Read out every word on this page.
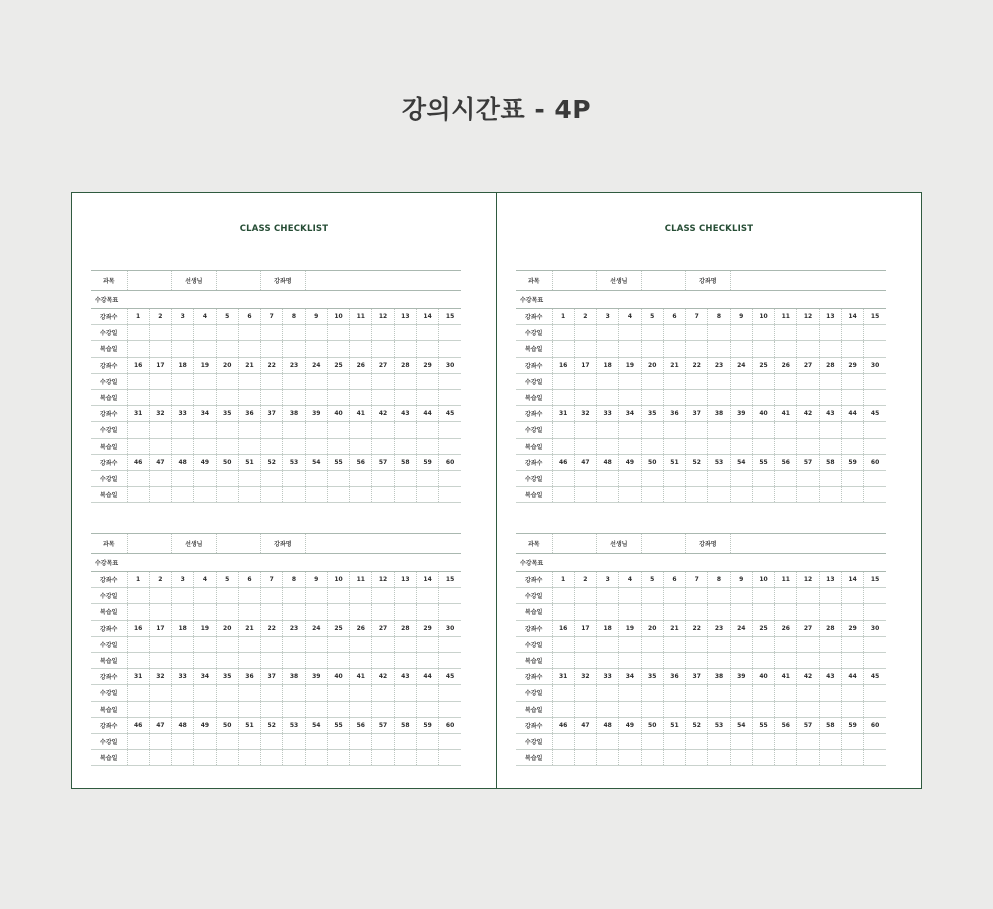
강의시간표 - 4P
CLASS CHECKLIST
과목			선생님				강좌명								
수강목표															
강좌수	1	2	3	4	5	6	7	8	9	10	11	12	13	14	15
수강일															
복습일															
강좌수	16	17	18	19	20	21	22	23	24	25	26	27	28	29	30
수강일															
복습일															
강좌수	31	32	33	34	35	36	37	38	39	40	41	42	43	44	45
수강일															
복습일															
강좌수	46	47	48	49	50	51	52	53	54	55	56	57	58	59	60
수강일															
복습일															
과목			선생님				강좌명								
수강목표															
강좌수	1	2	3	4	5	6	7	8	9	10	11	12	13	14	15
수강일															
복습일															
강좌수	16	17	18	19	20	21	22	23	24	25	26	27	28	29	30
수강일															
복습일															
강좌수	31	32	33	34	35	36	37	38	39	40	41	42	43	44	45
수강일															
복습일															
강좌수	46	47	48	49	50	51	52	53	54	55	56	57	58	59	60
수강일															
복습일															
CLASS CHECKLIST
과목			선생님				강좌명								
수강목표															
강좌수	1	2	3	4	5	6	7	8	9	10	11	12	13	14	15
수강일															
복습일															
강좌수	16	17	18	19	20	21	22	23	24	25	26	27	28	29	30
수강일															
복습일															
강좌수	31	32	33	34	35	36	37	38	39	40	41	42	43	44	45
수강일															
복습일															
강좌수	46	47	48	49	50	51	52	53	54	55	56	57	58	59	60
수강일															
복습일															
과목			선생님				강좌명								
수강목표															
강좌수	1	2	3	4	5	6	7	8	9	10	11	12	13	14	15
수강일															
복습일															
강좌수	16	17	18	19	20	21	22	23	24	25	26	27	28	29	30
수강일															
복습일															
강좌수	31	32	33	34	35	36	37	38	39	40	41	42	43	44	45
수강일															
복습일															
강좌수	46	47	48	49	50	51	52	53	54	55	56	57	58	59	60
수강일															
복습일															
